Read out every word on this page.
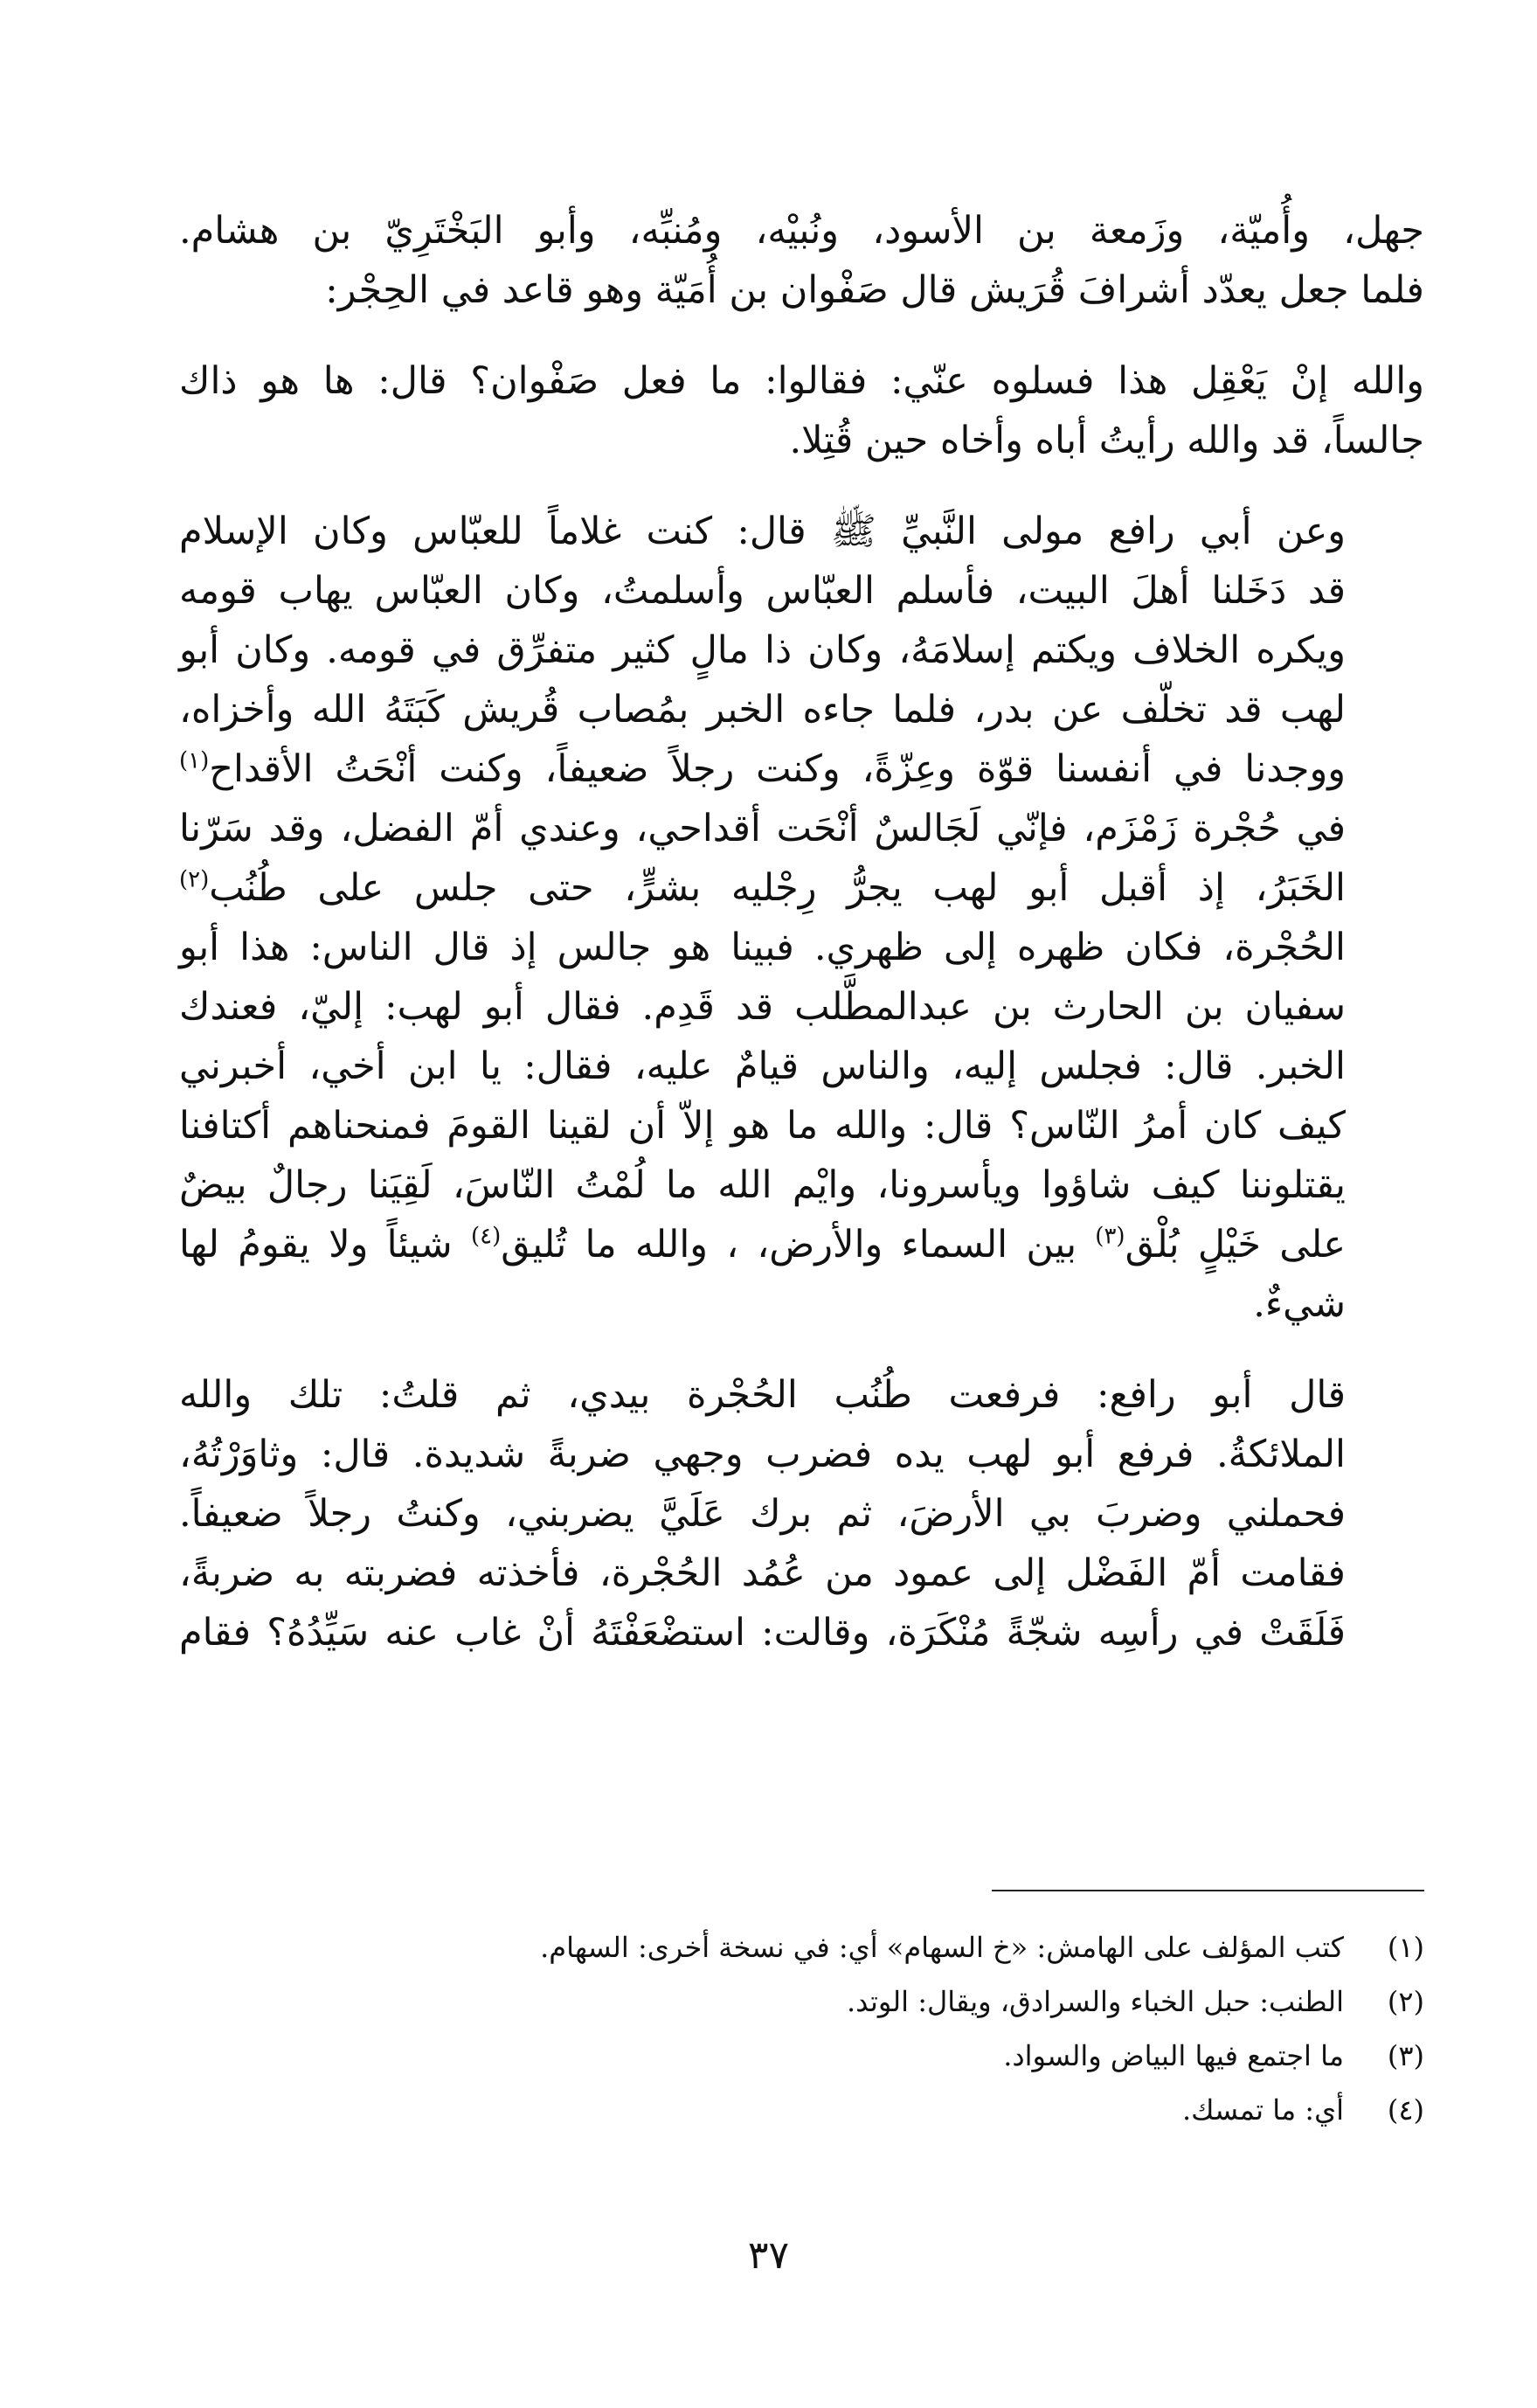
جهل، وأُميّة، وزَمعة بن الأسود، ونُبيْه، ومُنبِّه، وأبو البَخْتَرِيّ بن هشام.
فلما جعل يعدّد أشرافَ قُرَيش قال صَفْوان بن أُمَيّة وهو قاعد في الحِجْر:

والله إنْ يَعْقِل هذا فسلوه عنّي: فقالوا: ما فعل صَفْوان؟ قال: ها هو ذاك
جالساً، قد والله رأيتُ أباه وأخاه حين قُتِلا.

وعن أبي رافع مولى النَّبيِّ ﷺ قال: كنت غلاماً للعبّاس وكان الإسلام
قد دَخَلنا أهلَ البيت، فأسلم العبّاس وأسلمتُ، وكان العبّاس يهاب قومه
ويكره الخلاف ويكتم إسلامَهُ، وكان ذا مالٍ كثير متفرِّق في قومه. وكان أبو
لهب قد تخلّف عن بدر، فلما جاءه الخبر بمُصاب قُريش كَبَتَهُ الله وأخزاه،
ووجدنا في أنفسنا قوّة وعِزّةً، وكنت رجلاً ضعيفاً، وكنت أنْحَتُ الأقداح$^{(١)}$
في حُجْرة زَمْزَم، فإنّي لَجَالسٌ أنْحَت أقداحي، وعندي أمّ الفضل، وقد سَرّنا
الخَبَرُ، إذ أقبل أبو لهب يجرُّ رِجْليه بشرٍّ، حتى جلس على طُنُب$^{(٢)}$
الحُجْرة، فكان ظهره إلى ظهري. فبينا هو جالس إذ قال الناس: هذا أبو
سفيان بن الحارث بن عبدالمطَّلب قد قَدِم. فقال أبو لهب: إليّ، فعندك
الخبر. قال: فجلس إليه، والناس قيامٌ عليه، فقال: يا ابن أخي، أخبرني
كيف كان أمرُ النّاس؟ قال: والله ما هو إلاّ أن لقينا القومَ فمنحناهم أكتافنا
يقتلوننا كيف شاؤوا ويأسرونا، وايْم الله ما لُمْتُ النّاسَ، لَقِيَنا رجالٌ بيضٌ
على خَيْلٍ بُلْق$^{(٣)}$ بين السماء والأرض، ، والله ما تُليق$^{(٤)}$ شيئاً ولا يقومُ لها
شيءٌ.

قال أبو رافع: فرفعت طُنُب الحُجْرة بيدي، ثم قلتُ: تلك والله
الملائكةُ. فرفع أبو لهب يده فضرب وجهي ضربةً شديدة. قال: وثاوَرْتُهُ،
فحملني وضربَ بي الأرضَ، ثم برك عَلَيَّ يضربني، وكنتُ رجلاً ضعيفاً.
فقامت أمّ الفَضْل إلى عمود من عُمُد الحُجْرة، فأخذته فضربته به ضربةً،
فَلَقَتْ في رأسِه شجّةً مُنْكَرَة، وقالت: استضْعَفْتَهُ أنْ غاب عنه سَيِّدُهُ؟ فقام

(١)
كتب المؤلف على الهامش: «خ السهام» أي: في نسخة أخرى: السهام.
(٢)
الطنب: حبل الخباء والسرادق، ويقال: الوتد.
(٣)
ما اجتمع فيها البياض والسواد.
(٤)
أي: ما تمسك.
٣٧
